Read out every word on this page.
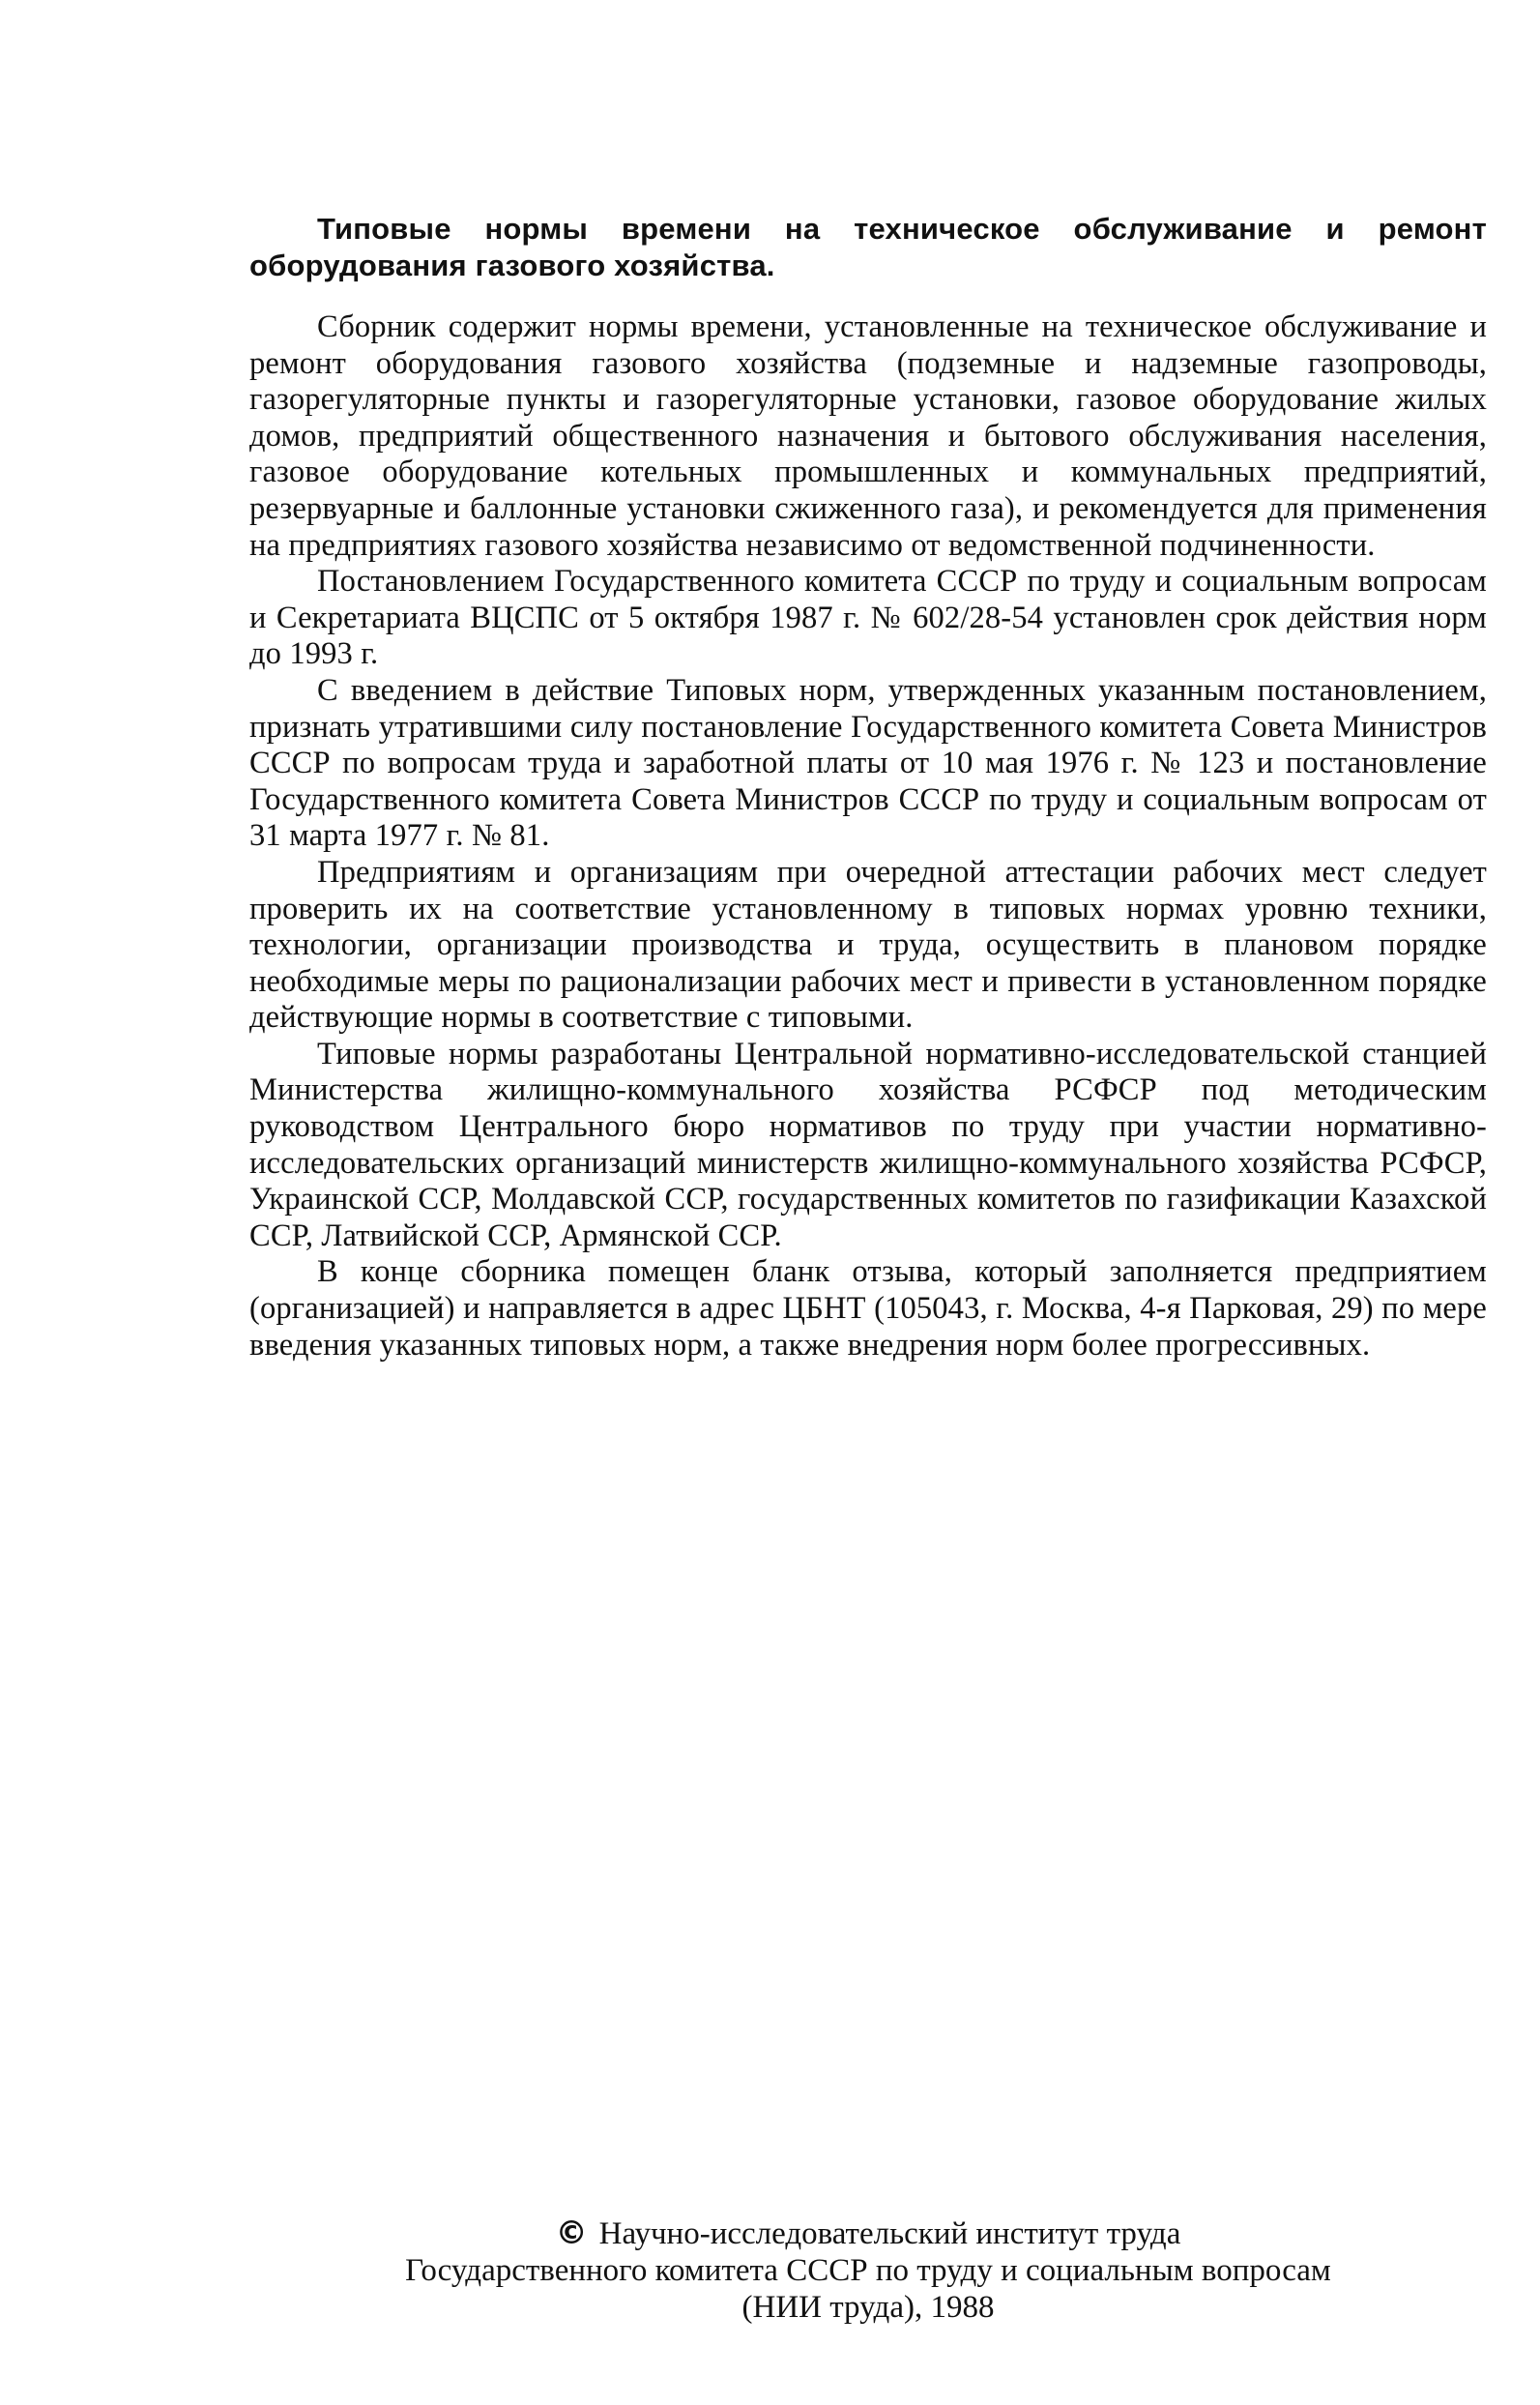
Типовые нормы времени на техническое обслуживание и ремонт оборудования газового хозяйства.

Сборник содержит нормы времени, установленные на техническое обслуживание и ремонт оборудования газового хозяйства (подземные и надземные газопроводы, газорегуляторные пункты и газорегуляторные установки, газовое оборудование жилых домов, предприятий общественного назначения и бытового обслуживания населения, газовое оборудование котельных промышленных и коммунальных предприятий, резервуарные и баллонные установки сжиженного газа), и рекомендуется для применения на предприятиях газового хозяйства независимо от ведомственной подчиненности.

Постановлением Государственного комитета СССР по труду и социальным вопросам и Секретариата ВЦСПС от 5 октября 1987 г. № 602/28-54 установлен срок действия норм до 1993 г.

С введением в действие Типовых норм, утвержденных указанным постановлением, признать утратившими силу постановление Государственного комитета Совета Министров СССР по вопросам труда и заработной платы от 10 мая 1976 г. № 123 и постановление Государственного комитета Совета Министров СССР по труду и социальным вопросам от 31 марта 1977 г. № 81.

Предприятиям и организациям при очередной аттестации рабочих мест следует проверить их на соответствие установленному в типовых нормах уровню техники, технологии, организации производства и труда, осуществить в плановом порядке необходимые меры по рационализации рабочих мест и привести в установленном порядке действующие нормы в соответствие с типовыми.

Типовые нормы разработаны Центральной нормативно-исследовательской станцией Министерства жилищно-коммунального хозяйства РСФСР под методическим руководством Центрального бюро нормативов по труду при участии нормативно-исследовательских организаций министерств жилищно-коммунального хозяйства РСФСР, Украинской ССР, Молдавской ССР, государственных комитетов по газификации Казахской ССР, Латвийской ССР, Армянской ССР.

В конце сборника помещен бланк отзыва, который заполняется предприятием (организацией) и направляется в адрес ЦБНТ (105043, г. Москва, 4-я Парковая, 29) по мере введения указанных типовых норм, а также внедрения норм более прогрессивных.

© Научно-исследовательский институт труда
Государственного комитета СССР по труду и социальным вопросам
(НИИ труда), 1988
